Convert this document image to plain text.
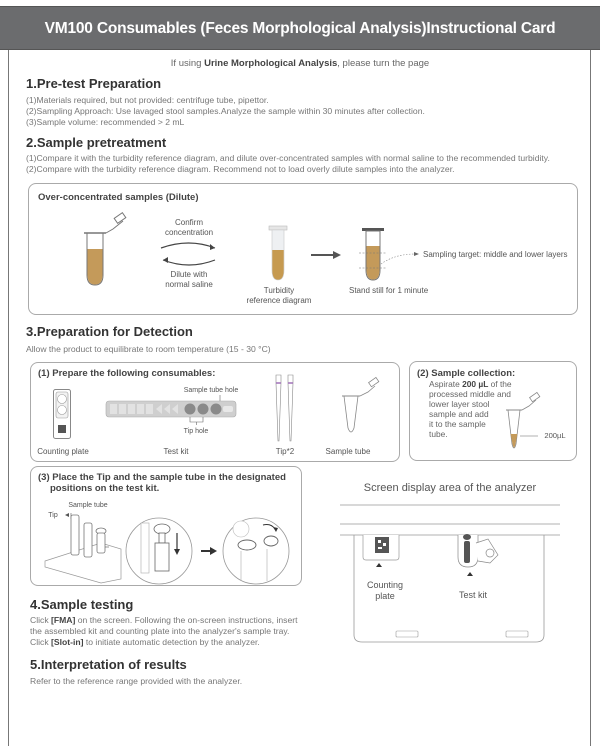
VM100 Consumables (Feces Morphological Analysis)Instructional Card
If using Urine Morphological Analysis, please turn the page
1.Pre-test Preparation
(1)Materials required, but not provided: centrifuge tube, pipettor.
(2)Sampling Approach: Use lavaged stool samples.Analyze the sample within 30 minutes after collection.
(3)Sample volume: recommended > 2 mL
2.Sample pretreatment
(1)Compare it with the turbidity reference diagram, and dilute over-concentrated samples with normal saline to the recommended turbidity.
(2)Compare with the turbidity reference diagram. Recommend not to load overly dilute samples into the analyzer.
Over-concentrated samples (Dilute)
Confirm
concentration
Dilute with
normal saline
Turbidity
reference diagram
Stand still for 1 minute
Sampling target: middle and lower layers
3.Preparation for Detection
Allow the product to equilibrate to room temperature (15 - 30 °C)
(1) Prepare the following consumables:
Counting plate
Sample tube hole
Tip hole
Test kit	Tip*2	Sample tube
(2) Sample collection:
Aspirate 200 µL of the
processed middle and
lower layer stool
sample and add
it to the sample
tube.	200µL
(3) Place the Tip and the sample tube in the designated
positions on the test kit.
Sample tube
Tip
Screen display area of the analyzer
Counting
plate	Test kit
4.Sample testing
Click [FMA] on the screen. Following the on-screen instructions, insert
the assembled kit and counting plate into the analyzer's sample tray.
Click [Slot-in] to initiate automatic detection by the analyzer.
5.Interpretation of results
Refer to the reference range provided with the analyzer.
